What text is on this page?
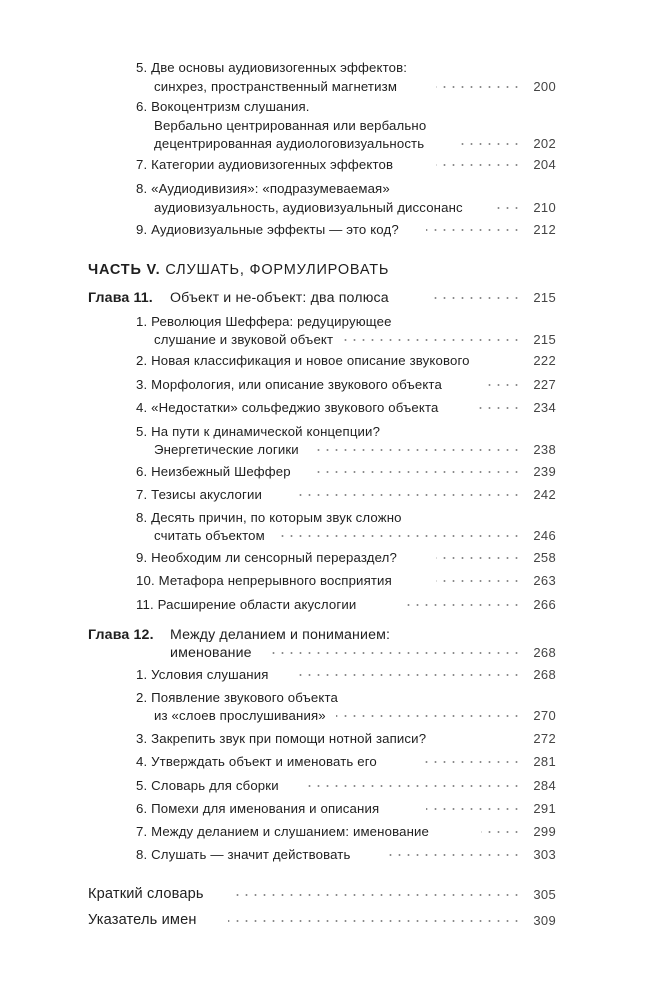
5. Две основы аудиовизогенных эффектов:
синхрез, пространственный магнетизм	200
6. Вокоцентризм слушания.
Вербально центрированная или вербально
децентрированная аудиологовизуальность	202
7. Категории аудиовизогенных эффектов	204
8. «Аудиодивизия»: «подразумеваемая»
аудиовизуальность, аудиовизуальный диссонанс	210
9. Аудиовизуальные эффекты — это код?	212
ЧАСТЬ V. СЛУШАТЬ, ФОРМУЛИРОВАТЬ
Глава 11. Объект и не-объект: два полюса	215
1. Революция Шеффера: редуцирующее
слушание и звуковой объект	215
2. Новая классификация и новое описание звукового	222
3. Морфология, или описание звукового объекта	227
4. «Недостатки» сольфеджио звукового объекта	234
5. На пути к динамической концепции?
Энергетические логики	238
6. Неизбежный Шеффер	239
7. Тезисы акуслогии	242
8. Десять причин, по которым звук сложно
считать объектом	246
9. Необходим ли сенсорный перераздел?	258
10. Метафора непрерывного восприятия	263
11. Расширение области акуслогии	266
Глава 12. Между деланием и пониманием:
именование	268
1. Условия слушания	268
2. Появление звукового объекта
из «слоев прослушивания»	270
3. Закрепить звук при помощи нотной записи?	272
4. Утверждать объект и именовать его	281
5. Словарь для сборки	284
6. Помехи для именования и описания	291
7. Между деланием и слушанием: именование	299
8. Слушать — значит действовать	303
Краткий словарь	305
Указатель имен	309
